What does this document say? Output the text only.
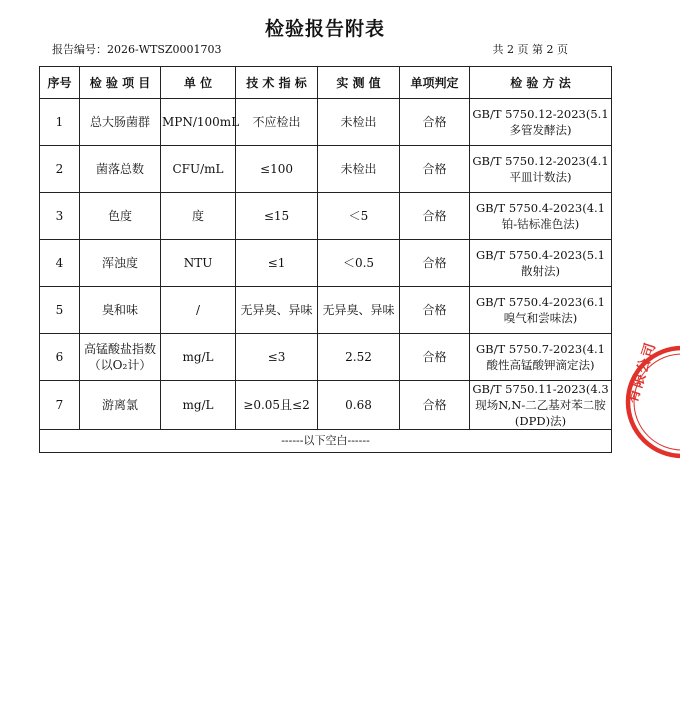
检验报告附表
报告编号：2026-WTSZ0001703	共 2 页 第 2 页
序号	检 验 项 目	单 位	技 术 指 标	实 测 值	单项判定	检 验 方 法
1	总大肠菌群	MPN/100mL	不应检出	未检出	合格	GB/T 5750.12-2023(5.1多管发酵法)
2	菌落总数	CFU/mL	≤100	未检出	合格	GB/T 5750.12-2023(4.1平皿计数法)
3	色度	度	≤15	＜5	合格	GB/T 5750.4-2023(4.1铂-钴标准色法)
4	浑浊度	NTU	≤1	＜0.5	合格	GB/T 5750.4-2023(5.1散射法)
5	臭和味	/	无异臭、异味	无异臭、异味	合格	GB/T 5750.4-2023(6.1嗅气和尝味法)
6	高锰酸盐指数（以O₂计）	mg/L	≤3	2.52	合格	GB/T 5750.7-2023(4.1酸性高锰酸钾滴定法)
7	游离氯	mg/L	≥0.05且≤2	0.68	合格	GB/T 5750.11-2023(4.3现场N,N-二乙基对苯二胺(DPD)法)
------以下空白------						
有限公司
